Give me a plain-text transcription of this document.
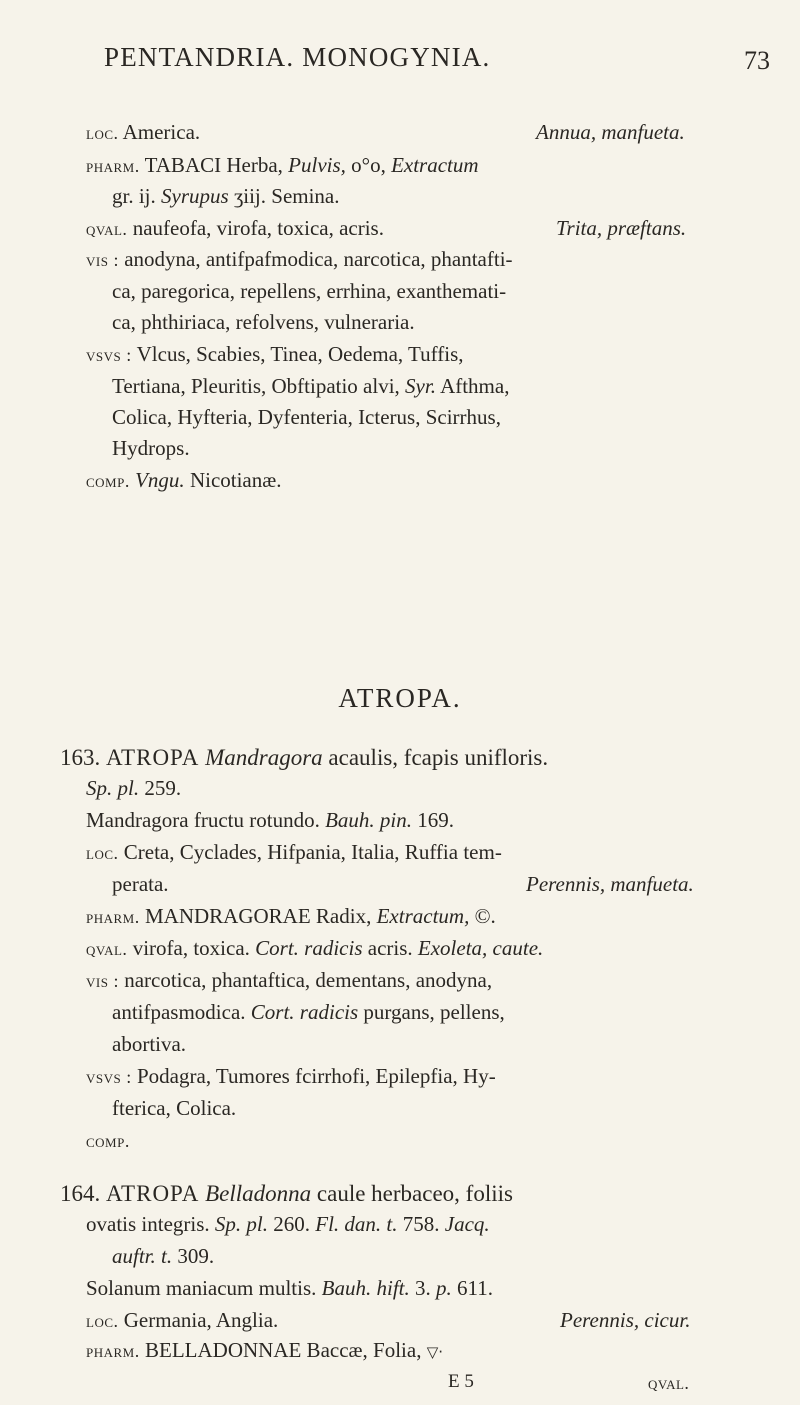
PENTANDRIA. MONOGYNIA.	73
loc. America.	Annua, manfueta.
pharm. TABACI Herba, Pulvis, o°o, Extractum
gr. ij. Syrupus ʒiij. Semina.
qval. naufeofa, virofa, toxica, acris.	Trita, præftans.
vis : anodyna, antifpafmodica, narcotica, phantafti-
ca, paregorica, repellens, errhina, exanthemati-
ca, phthiriaca, refolvens, vulneraria.
vsvs : Vlcus, Scabies, Tinea, Oedema, Tuffis,
Tertiana, Pleuritis, Obftipatio alvi, Syr. Afthma,
Colica, Hyfteria, Dyfenteria, Icterus, Scirrhus,
Hydrops.
comp. Vngu. Nicotianæ.
ATROPA.
163. ATROPA Mandragora acaulis, fcapis unifloris.
Sp. pl. 259.
Mandragora fructu rotundo. Bauh. pin. 169.
loc. Creta, Cyclades, Hifpania, Italia, Ruffia tem-
perata.	Perennis, manfueta.
pharm. MANDRAGORAE Radix, Extractum, ©.
qval. virofa, toxica. Cort. radicis acris. Exoleta, caute.
vis : narcotica, phantaftica, dementans, anodyna,
antifpasmodica. Cort. radicis purgans, pellens,
abortiva.
vsvs : Podagra, Tumores fcirrhofi, Epilepfia, Hy-
fterica, Colica.
comp.
164. ATROPA Belladonna caule herbaceo, foliis
ovatis integris. Sp. pl. 260. Fl. dan. t. 758. Jacq.
auftr. t. 309.
Solanum maniacum multis. Bauh. hift. 3. p. 611.
loc. Germania, Anglia.	Perennis, cicur.
pharm. BELLADONNAE Baccæ, Folia, ▽·
E 5	qval.
